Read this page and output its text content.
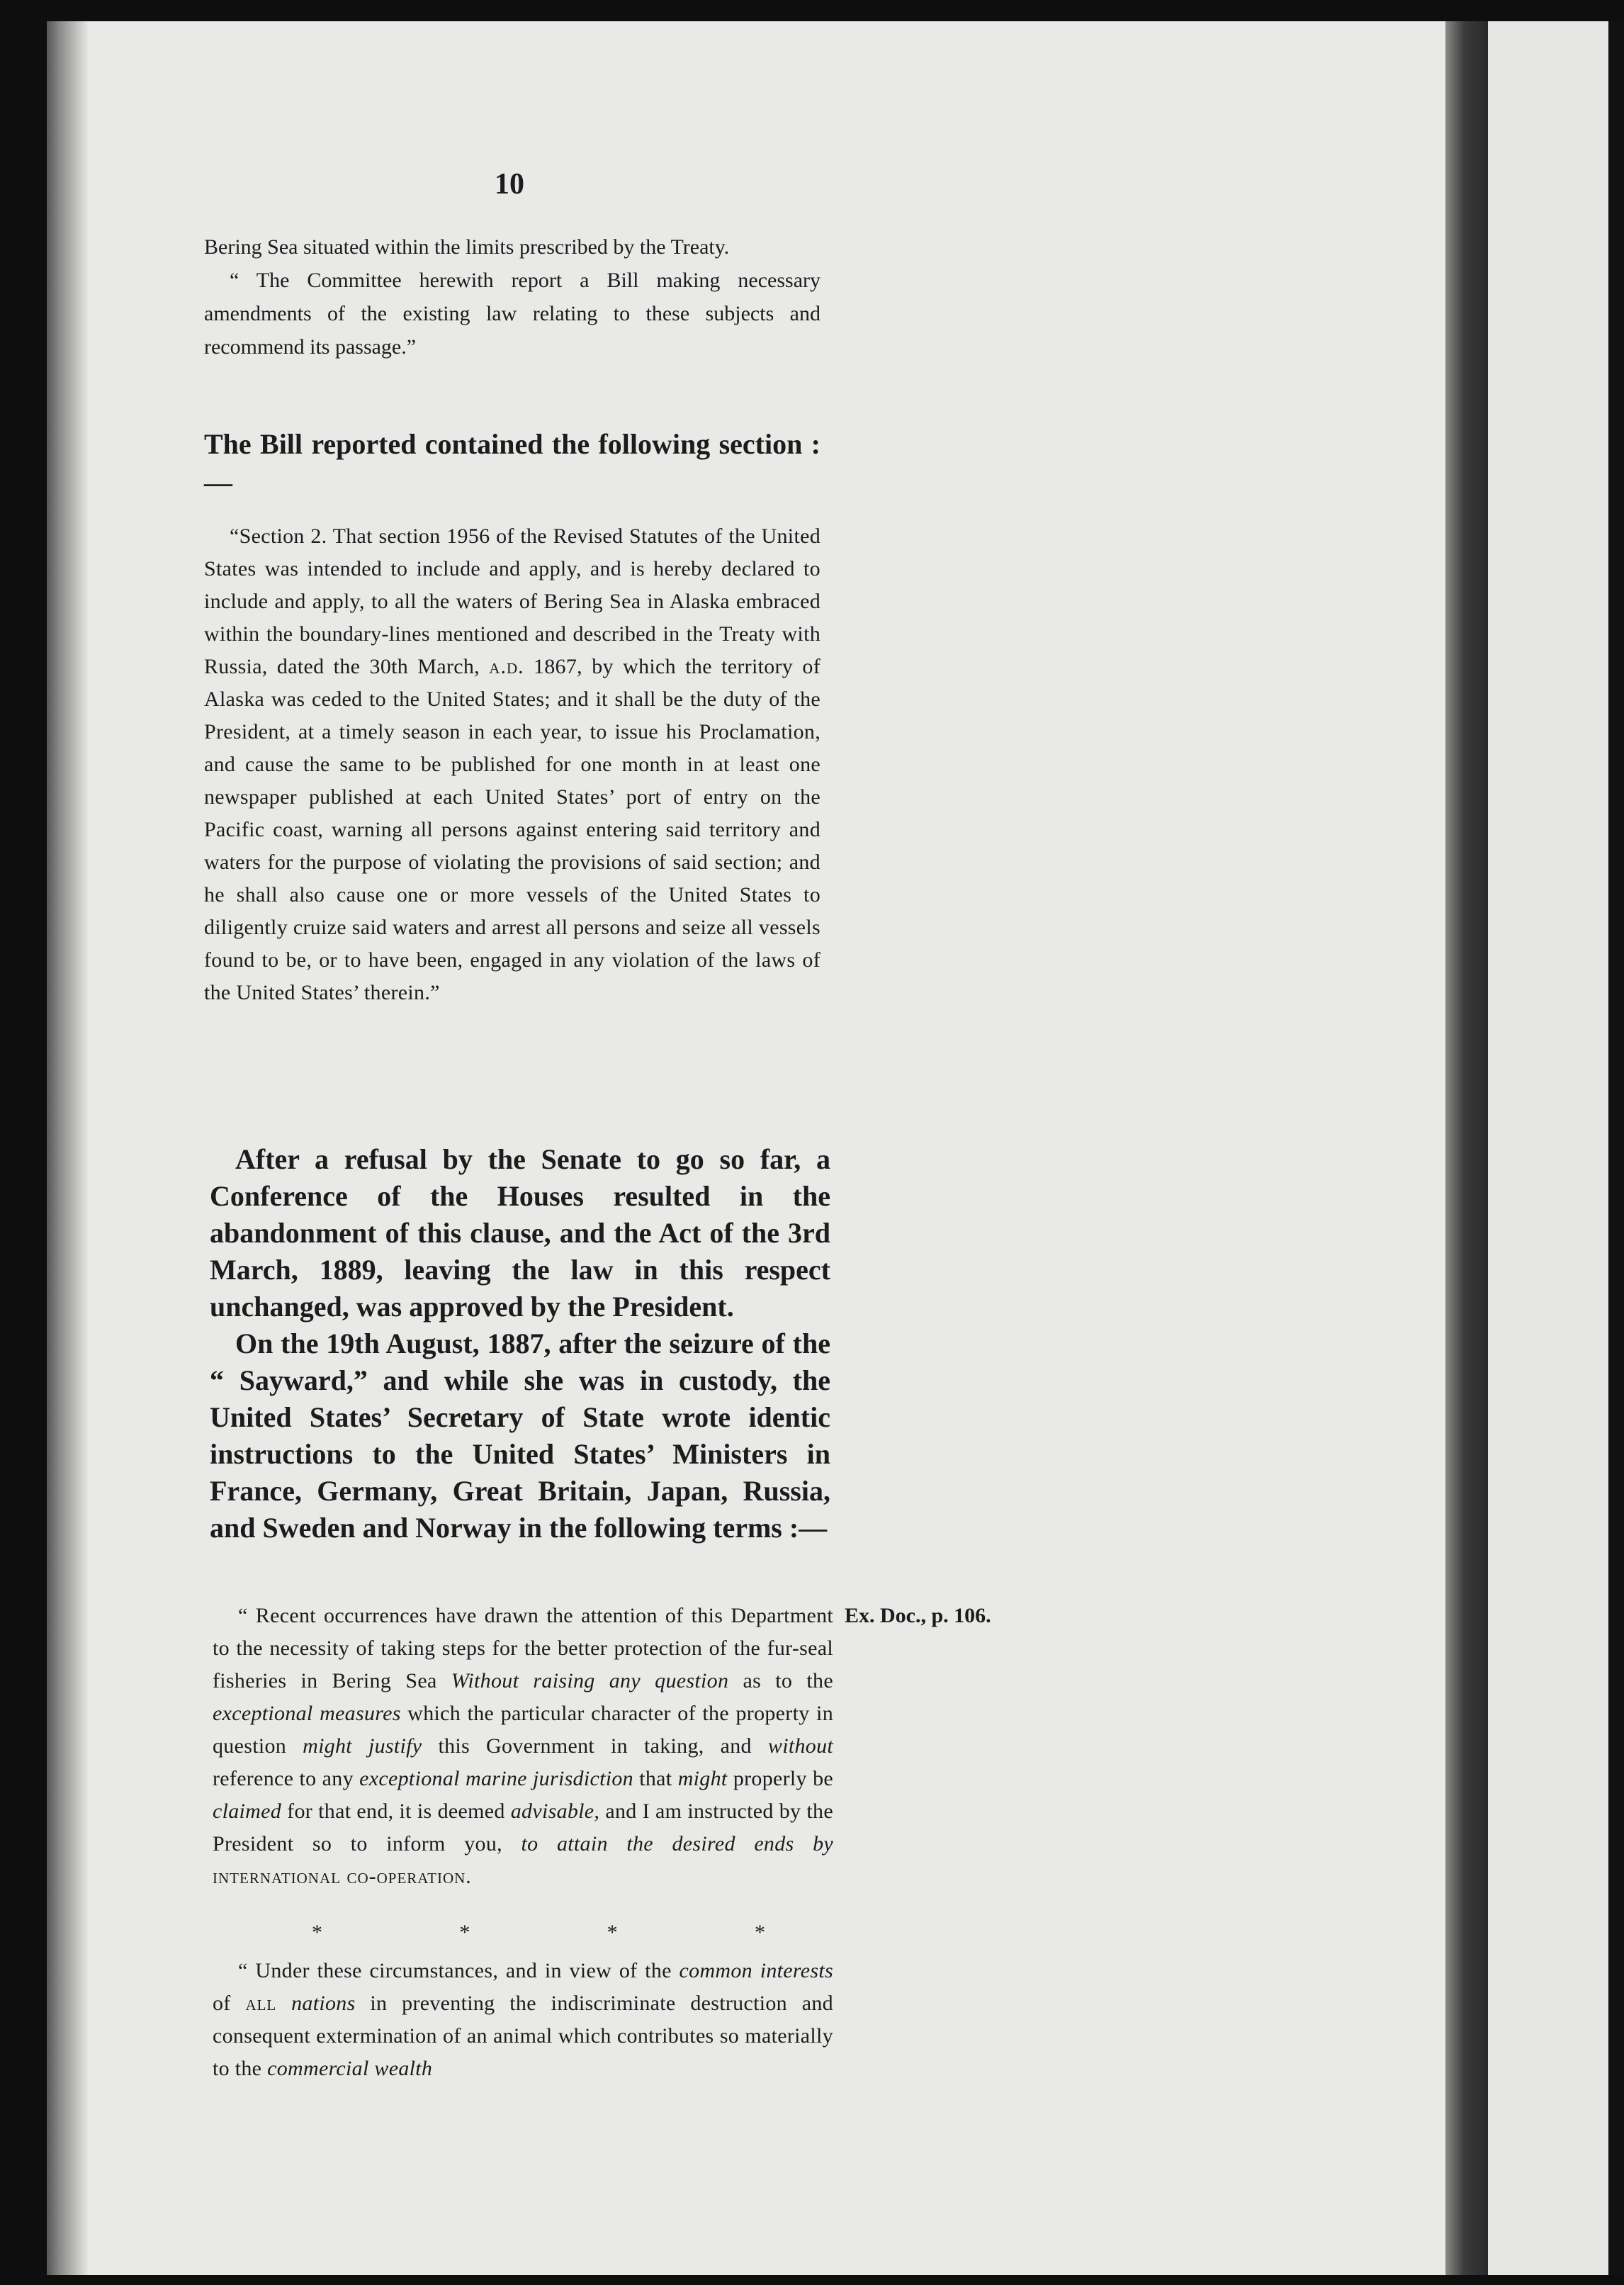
10

Bering Sea situated within the limits prescribed by the Treaty.

“ The Committee herewith report a Bill making necessary amendments of the existing law relating to these subjects and recommend its passage.”

The Bill reported contained the following section :—

“Section 2. That section 1956 of the Revised Statutes of the United States was intended to include and apply, and is hereby declared to include and apply, to all the waters of Bering Sea in Alaska embraced within the boundary-lines mentioned and described in the Treaty with Russia, dated the 30th March, a.d. 1867, by which the territory of Alaska was ceded to the United States; and it shall be the duty of the President, at a timely season in each year, to issue his Proclamation, and cause the same to be published for one month in at least one newspaper published at each United States’ port of entry on the Pacific coast, warning all persons against entering said territory and waters for the purpose of violating the provisions of said section; and he shall also cause one or more vessels of the United States to diligently cruize said waters and arrest all persons and seize all vessels found to be, or to have been, engaged in any violation of the laws of the United States’ therein.”

After a refusal by the Senate to go so far, a Conference of the Houses resulted in the abandonment of this clause, and the Act of the 3rd March, 1889, leaving the law in this respect unchanged, was approved by the President.

On the 19th August, 1887, after the seizure of the “ Sayward,” and while she was in custody, the United States’ Secretary of State wrote identic instructions to the United States’ Ministers in France, Germany, Great Britain, Japan, Russia, and Sweden and Norway in the following terms :—

Ex. Doc., p. 106.

“ Recent occurrences have drawn the attention of this Department to the necessity of taking steps for the better protection of the fur-seal fisheries in Bering Sea Without raising any question as to the exceptional measures which the particular character of the property in question might justify this Government in taking, and without reference to any exceptional marine jurisdiction that might properly be claimed for that end, it is deemed advisable, and I am instructed by the President so to inform you, to attain the desired ends by international co-operation.

*	*	*	*

“ Under these circumstances, and in view of the common interests of all nations in preventing the indiscriminate destruction and consequent extermination of an animal which contributes so materially to the commercial wealth
